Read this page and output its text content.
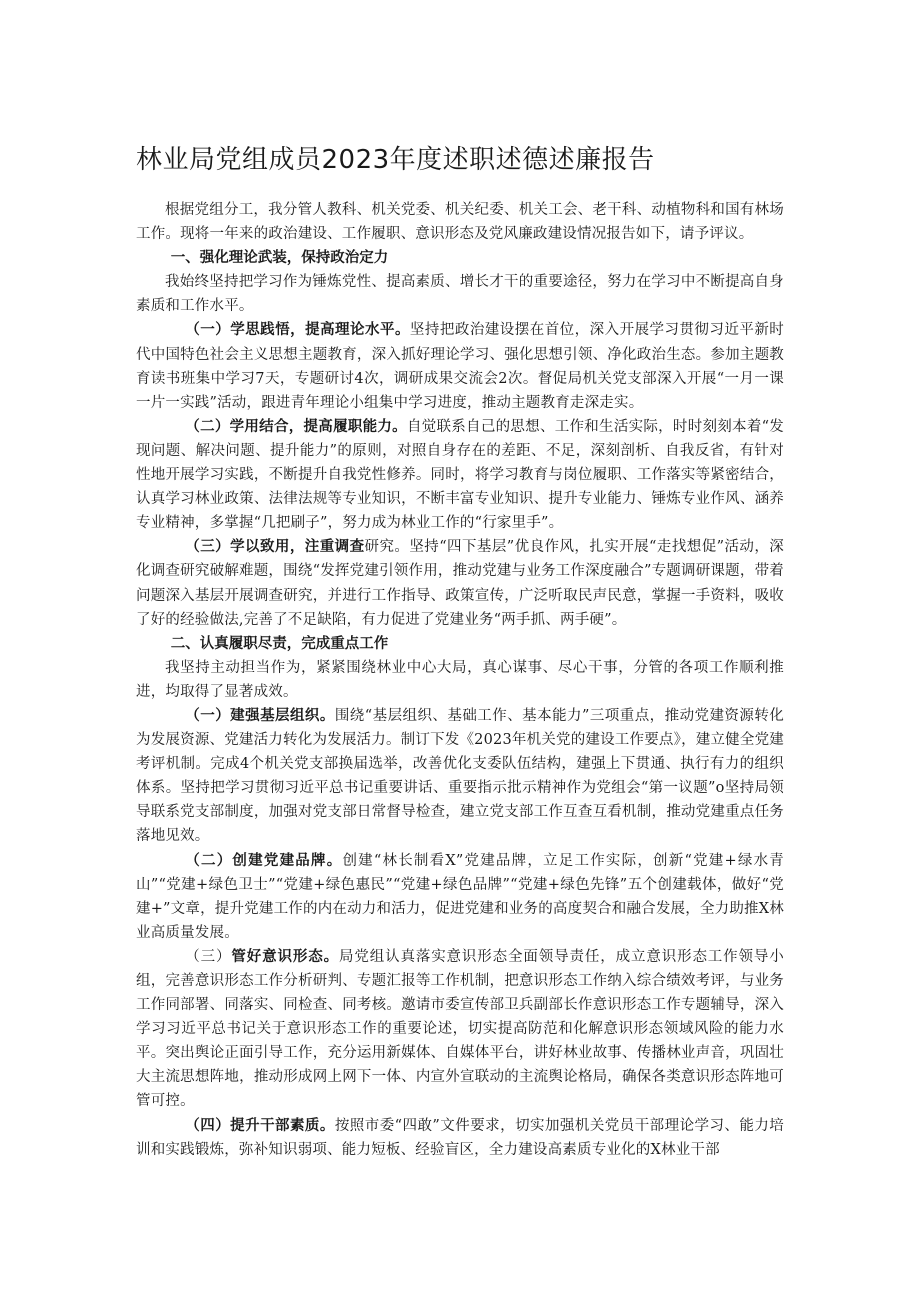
林业局党组成员2023年度述职述德述廉报告

根据党组分工，我分管人教科、机关党委、机关纪委、机关工会、老干科、动植物科和国有林场工作。现将一年来的政治建设、工作履职、意识形态及党风廉政建设情况报告如下，请予评议。

一、强化理论武装，保持政治定力

我始终坚持把学习作为锤炼党性、提高素质、增长才干的重要途径，努力在学习中不断提高自身素质和工作水平。

（一）学思践悟，提高理论水平。坚持把政治建设摆在首位，深入开展学习贯彻习近平新时代中国特色社会主义思想主题教育，深入抓好理论学习、强化思想引领、净化政治生态。参加主题教育读书班集中学习7天，专题研讨4次，调研成果交流会2次。督促局机关党支部深入开展“一月一课一片一实践”活动，跟进青年理论小组集中学习进度，推动主题教育走深走实。

（二）学用结合，提高履职能力。自觉联系自己的思想、工作和生活实际，时时刻刻本着“发现问题、解决问题、提升能力”的原则，对照自身存在的差距、不足，深刻剖析、自我反省，有针对性地开展学习实践，不断提升自我党性修养。同时，将学习教育与岗位履职、工作落实等紧密结合，认真学习林业政策、法律法规等专业知识，不断丰富专业知识、提升专业能力、锤炼专业作风、涵养专业精神，多掌握“几把刷子”，努力成为林业工作的“行家里手”。

（三）学以致用，注重调查研究。坚持“四下基层”优良作风，扎实开展“走找想促”活动，深化调查研究破解难题，围绕“发挥党建引领作用，推动党建与业务工作深度融合”专题调研课题，带着问题深入基层开展调查研究，并进行工作指导、政策宣传，广泛听取民声民意，掌握一手资料，吸收了好的经验做法,完善了不足缺陷，有力促进了党建业务“两手抓、两手硬”。

二、认真履职尽责，完成重点工作

我坚持主动担当作为，紧紧围绕林业中心大局，真心谋事、尽心干事，分管的各项工作顺利推进，均取得了显著成效。

（一）建强基层组织。围绕“基层组织、基础工作、基本能力”三项重点，推动党建资源转化为发展资源、党建活力转化为发展活力。制订下发《2023年机关党的建设工作要点》，建立健全党建考评机制。完成4个机关党支部换届选举，改善优化支委队伍结构，建强上下贯通、执行有力的组织体系。坚持把学习贯彻习近平总书记重要讲话、重要指示批示精神作为党组会“第一议题”o坚持局领导联系党支部制度，加强对党支部日常督导检查，建立党支部工作互查互看机制，推动党建重点任务落地见效。

（二）创建党建品牌。创建“林长制看X”党建品牌，立足工作实际，创新“党建+绿水青山”“党建+绿色卫士”“党建+绿色惠民”“党建+绿色品牌”“党建+绿色先锋”五个创建载体，做好“党建+”文章，提升党建工作的内在动力和活力，促进党建和业务的高度契合和融合发展，全力助推X林业高质量发展。

（三）管好意识形态。局党组认真落实意识形态全面领导责任，成立意识形态工作领导小组，完善意识形态工作分析研判、专题汇报等工作机制，把意识形态工作纳入综合绩效考评，与业务工作同部署、同落实、同检查、同考核。邀请市委宣传部卫兵副部长作意识形态工作专题辅导，深入学习习近平总书记关于意识形态工作的重要论述，切实提高防范和化解意识形态领域风险的能力水平。突出舆论正面引导工作，充分运用新媒体、自媒体平台，讲好林业故事、传播林业声音，巩固壮大主流思想阵地，推动形成网上网下一体、内宣外宣联动的主流舆论格局，确保各类意识形态阵地可管可控。

（四）提升干部素质。按照市委“四敢”文件要求，切实加强机关党员干部理论学习、能力培训和实践锻炼，弥补知识弱项、能力短板、经验盲区，全力建设高素质专业化的X林业干部
